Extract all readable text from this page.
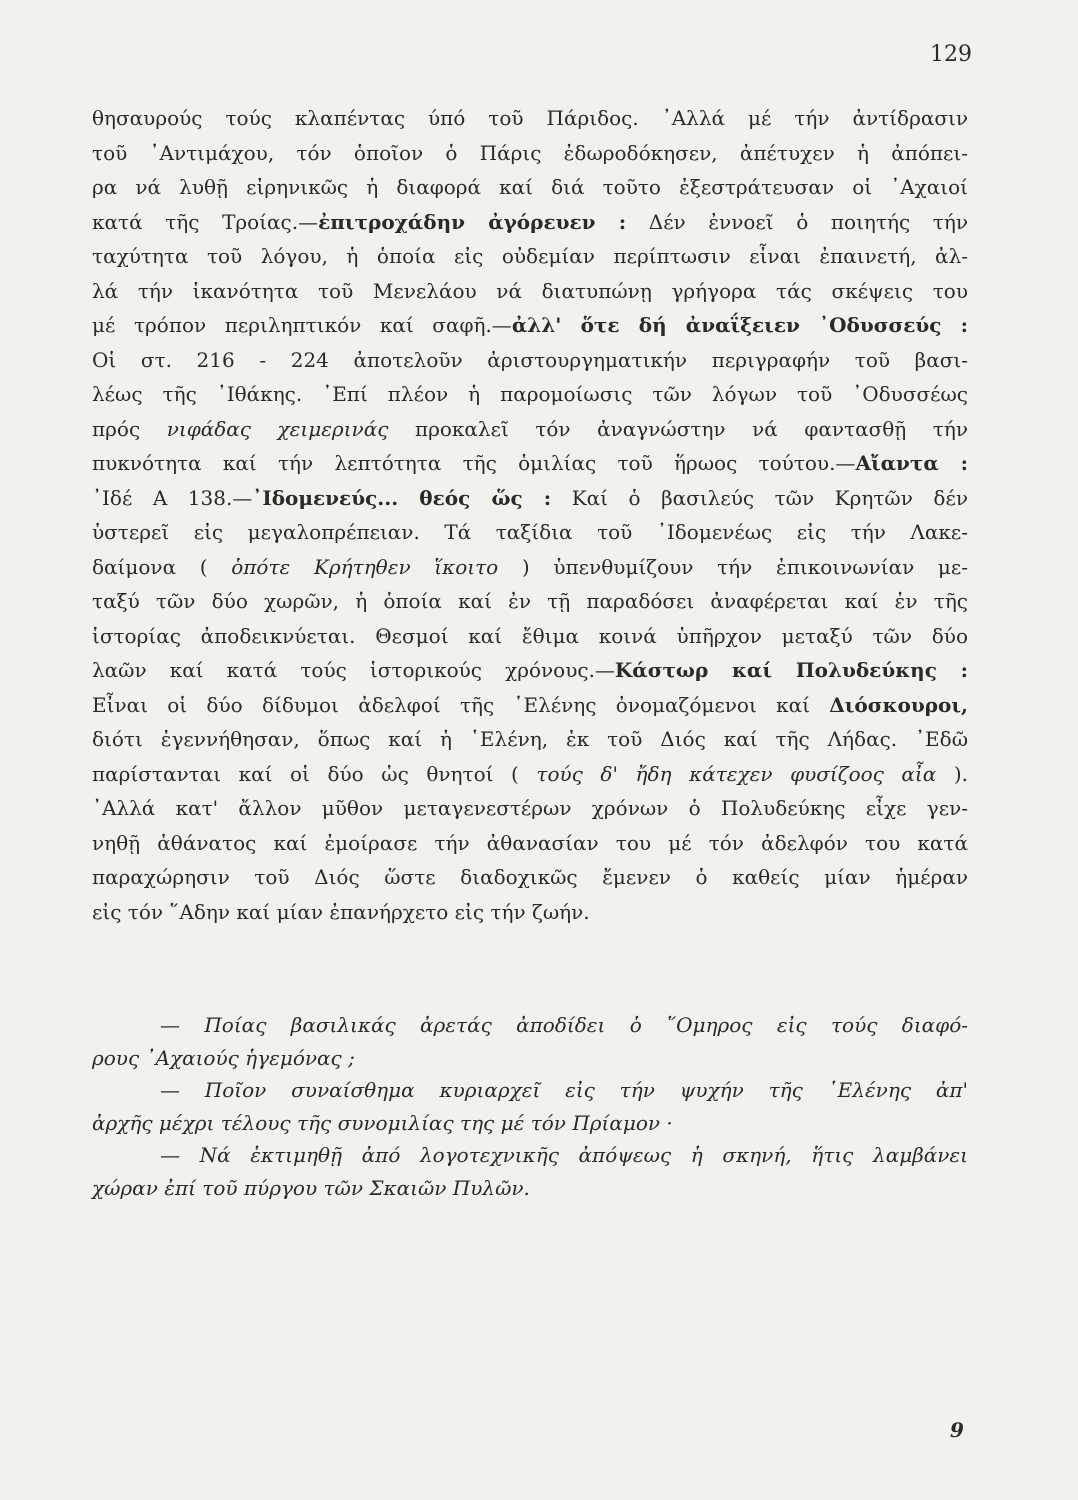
129
θησαυρούς τούς κλαπέντας ύπό τοῦ Πάριδος. ᾿Αλλά μέ τήν ἀντίδρασιν
τοῦ ᾿Αντιμάχου, τόν ὁποῖον ὁ Πάρις ἐδωροδόκησεν, ἀπέτυχεν ἡ ἀπόπει-
ρα νά λυθῇ εἰρηνικῶς ἡ διαφορά καί διά τοῦτο ἐξεστράτευσαν οἱ ᾿Αχαιοί
κατά τῆς Τροίας.—ἐπιτροχάδην ἀγόρευεν : Δέν ἐννοεῖ ὁ ποιητής τήν
ταχύτητα τοῦ λόγου, ἡ ὁποία εἰς οὐδεμίαν περίπτωσιν εἶναι ἐπαινετή, ἀλ-
λά τήν ἱκανότητα τοῦ Μενελάου νά διατυπώνῃ γρήγορα τάς σκέψεις του
μέ τρόπον περιληπτικόν καί σαφῆ.—ἀλλ' ὅτε δή ἀναΐξειεν ᾿Οδυσσεύς :
Οἱ στ. 216 - 224 ἀποτελοῦν ἀριστουργηματικήν περιγραφήν τοῦ βασι-
λέως τῆς ᾿Ιθάκης. ᾿Επί πλέον ἡ παρομοίωσις τῶν λόγων τοῦ ᾿Οδυσσέως
πρός νιφάδας χειμερινάς προκαλεῖ τόν ἀναγνώστην νά φαντασθῇ τήν
πυκνότητα καί τήν λεπτότητα τῆς ὁμιλίας τοῦ ἥρωος τούτου.—Αἴαντα :
᾿Ιδέ Α 138.—᾿Ιδομενεύς... θεός ὥς : Καί ὁ βασιλεύς τῶν Κρητῶν δέν
ὑστερεῖ εἰς μεγαλοπρέπειαν. Τά ταξίδια τοῦ ᾿Ιδομενέως εἰς τήν Λακε-
δαίμονα ( ὁπότε Κρήτηθεν ἵκοιτο ) ὑπενθυμίζουν τήν ἐπικοινωνίαν με-
ταξύ τῶν δύο χωρῶν, ἡ ὁποία καί ἐν τῇ παραδόσει ἀναφέρεται καί ἐν τῆς
ἱστορίας ἀποδεικνύεται. Θεσμοί καί ἔθιμα κοινά ὑπῆρχον μεταξύ τῶν δύο
λαῶν καί κατά τούς ἱστορικούς χρόνους.—Κάστωρ καί Πολυδεύκης :
Εἶναι οἱ δύο δίδυμοι ἀδελφοί τῆς ῾Ελένης ὀνομαζόμενοι καί Διόσκουροι,
διότι ἐγεννήθησαν, ὅπως καί ἡ ῾Ελένη, ἐκ τοῦ Διός καί τῆς Λήδας. ᾿Εδῶ
παρίστανται καί οἱ δύο ὡς θνητοί ( τούς δ' ἤδη κάτεχεν φυσίζοος αἶα ).
᾿Αλλά κατ' ἄλλον μῦθον μεταγενεστέρων χρόνων ὁ Πολυδεύκης εἶχε γεν-
νηθῇ ἀθάνατος καί ἐμοίρασε τήν ἀθανασίαν του μέ τόν ἀδελφόν του κατά
παραχώρησιν τοῦ Διός ὥστε διαδοχικῶς ἔμενεν ὁ καθείς μίαν ἡμέραν
εἰς τόν ῞Αδην καί μίαν ἐπανήρχετο εἰς τήν ζωήν.
— Ποίας βασιλικάς ἀρετάς ἀποδίδει ὁ ῞Ομηρος εἰς τούς διαφό-
ρους ᾿Αχαιούς ἡγεμόνας ;
— Ποῖον συναίσθημα κυριαρχεῖ εἰς τήν ψυχήν τῆς ῾Ελένης ἀπ'
ἀρχῆς μέχρι τέλους τῆς συνομιλίας της μέ τόν Πρίαμον ·
— Νά ἐκτιμηθῇ ἀπό λογοτεχνικῆς ἀπόψεως ἡ σκηνή, ἥτις λαμβάνει
χώραν ἐπί τοῦ πύργου τῶν Σκαιῶν Πυλῶν.
9
